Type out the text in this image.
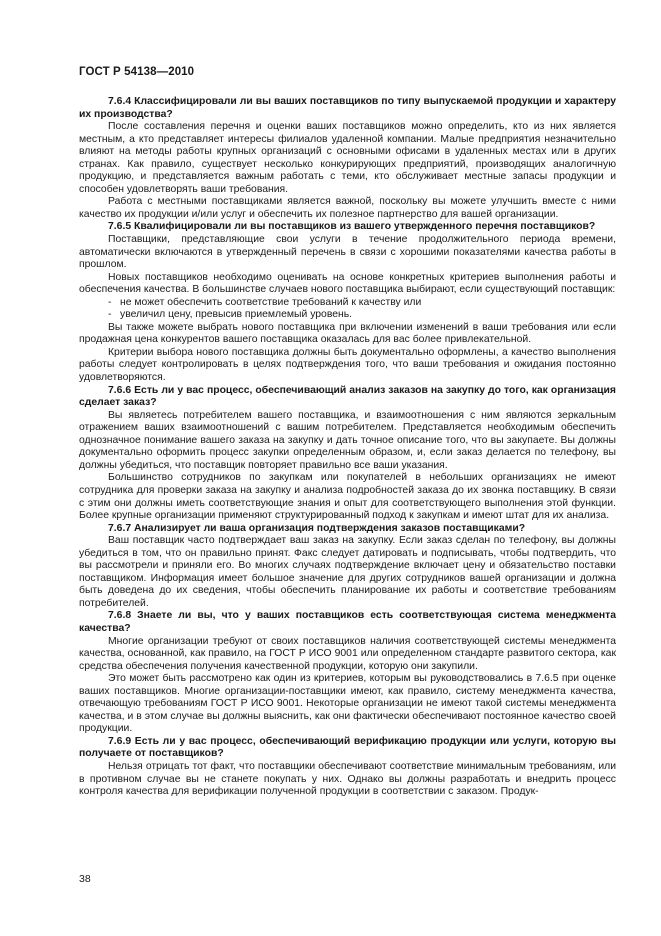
ГОСТ Р 54138—2010

7.6.4 Классифицировали ли вы ваших поставщиков по типу выпускаемой продукции и характеру их производства?

После составления перечня и оценки ваших поставщиков можно определить, кто из них является местным, а кто представляет интересы филиалов удаленной компании. Малые предприятия незначительно влияют на методы работы крупных организаций с основными офисами в удаленных местах или в других странах. Как правило, существует несколько конкурирующих предприятий, производящих аналогичную продукцию, и представляется важным работать с теми, кто обслуживает местные запасы продукции и способен удовлетворять ваши требования.

Работа с местными поставщиками является важной, поскольку вы можете улучшить вместе с ними качество их продукции и/или услуг и обеспечить их полезное партнерство для вашей организации.

7.6.5 Квалифицировали ли вы поставщиков из вашего утвержденного перечня поставщиков?

Поставщики, представляющие свои услуги в течение продолжительного периода времени, автоматически включаются в утвержденный перечень в связи с хорошими показателями качества работы в прошлом.

Новых поставщиков необходимо оценивать на основе конкретных критериев выполнения работы и обеспечения качества. В большинстве случаев нового поставщика выбирают, если существующий поставщик:

- не может обеспечить соответствие требований к качеству или

- увеличил цену, превысив приемлемый уровень.

Вы также можете выбрать нового поставщика при включении изменений в ваши требования или если продажная цена конкурентов вашего поставщика оказалась для вас более привлекательной.

Критерии выбора нового поставщика должны быть документально оформлены, а качество выполнения работы следует контролировать в целях подтверждения того, что ваши требования и ожидания постоянно удовлетворяются.

7.6.6 Есть ли у вас процесс, обеспечивающий анализ заказов на закупку до того, как организация сделает заказ?

Вы являетесь потребителем вашего поставщика, и взаимоотношения с ним являются зеркальным отражением ваших взаимоотношений с вашим потребителем. Представляется необходимым обеспечить однозначное понимание вашего заказа на закупку и дать точное описание того, что вы закупаете. Вы должны документально оформить процесс закупки определенным образом, и, если заказ делается по телефону, вы должны убедиться, что поставщик повторяет правильно все ваши указания.

Большинство сотрудников по закупкам или покупателей в небольших организациях не имеют сотрудника для проверки заказа на закупку и анализа подробностей заказа до их звонка поставщику. В связи с этим они должны иметь соответствующие знания и опыт для соответствующего выполнения этой функции. Более крупные организации применяют структурированный подход к закупкам и имеют штат для их анализа.

7.6.7 Анализирует ли ваша организация подтверждения заказов поставщиками?

Ваш поставщик часто подтверждает ваш заказ на закупку. Если заказ сделан по телефону, вы должны убедиться в том, что он правильно принят. Факс следует датировать и подписывать, чтобы подтвердить, что вы рассмотрели и приняли его. Во многих случаях подтверждение включает цену и обязательство поставки поставщиком. Информация имеет большое значение для других сотрудников вашей организации и должна быть доведена до их сведения, чтобы обеспечить планирование их работы и соответствие требованиям потребителей.

7.6.8 Знаете ли вы, что у ваших поставщиков есть соответствующая система менеджмента качества?

Многие организации требуют от своих поставщиков наличия соответствующей системы менеджмента качества, основанной, как правило, на ГОСТ Р ИСО 9001 или определенном стандарте развитого сектора, как средства обеспечения получения качественной продукции, которую они закупили.

Это может быть рассмотрено как один из критериев, которым вы руководствовались в 7.6.5 при оценке ваших поставщиков. Многие организации-поставщики имеют, как правило, систему менеджмента качества, отвечающую требованиям ГОСТ Р ИСО 9001. Некоторые организации не имеют такой системы менеджмента качества, и в этом случае вы должны выяснить, как они фактически обеспечивают постоянное качество своей продукции.

7.6.9 Есть ли у вас процесс, обеспечивающий верификацию продукции или услуги, которую вы получаете от поставщиков?

Нельзя отрицать тот факт, что поставщики обеспечивают соответствие минимальным требованиям, или в противном случае вы не станете покупать у них. Однако вы должны разработать и внедрить процесс контроля качества для верификации полученной продукции в соответствии с заказом. Продук-

38
